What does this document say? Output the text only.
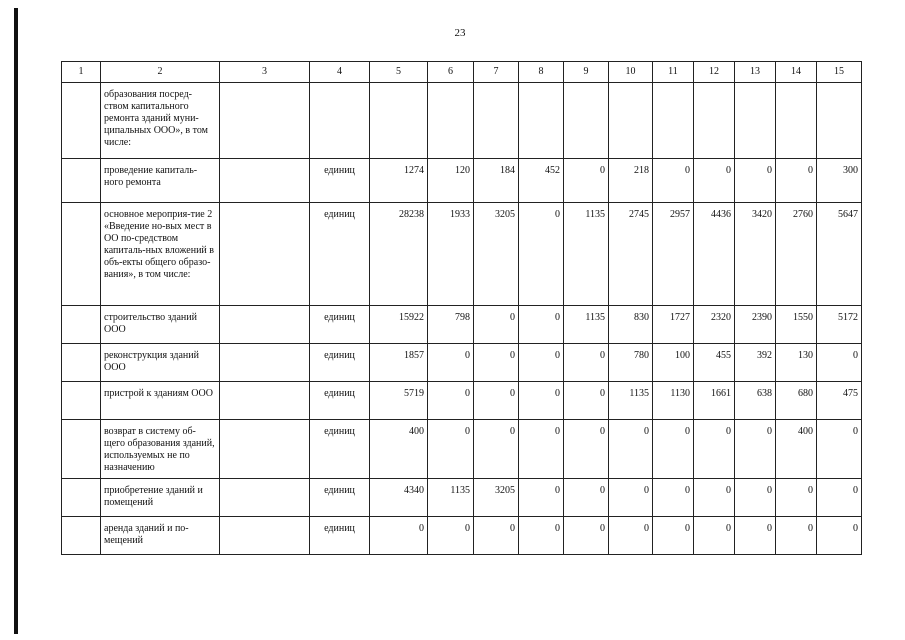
23
1	2	3	4	5	6	7	8	9	10	11	12	13	14	15
	образования посред-ством капитального ремонта зданий муни-ципальных ООО», в том числе:													
	проведение капиталь-ного ремонта		единиц	1274	120	184	452	0	218	0	0	0	0	300
	основное мероприя-тие 2 «Введение но-вых мест в ОО по-средством капиталь-ных вложений в объ-екты общего образо-вания», в том числе:		единиц	28238	1933	3205	0	1135	2745	2957	4436	3420	2760	5647
	строительство зданий ООО		единиц	15922	798	0	0	1135	830	1727	2320	2390	1550	5172
	реконструкция зданий ООО		единиц	1857	0	0	0	0	780	100	455	392	130	0
	пристрой к зданиям ООО		единиц	5719	0	0	0	0	1135	1130	1661	638	680	475
	возврат в систему об-щего образования зданий, используемых не по назначению		единиц	400	0	0	0	0	0	0	0	0	400	0
	приобретение зданий и помещений		единиц	4340	1135	3205	0	0	0	0	0	0	0	0
	аренда зданий и по-мещений		единиц	0	0	0	0	0	0	0	0	0	0	0
